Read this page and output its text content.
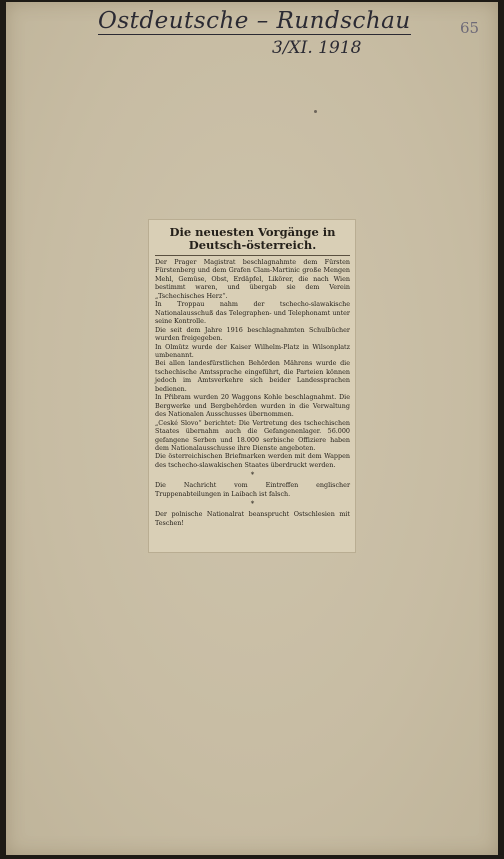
Ostdeutsche – Rundschau
3/XI. 1918
65
Die neuesten Vorgänge in Deutsch-österreich.

Der Prager Magistrat beschlagnahmte dem Fürsten Fürstenberg und dem Grafen Clam-Martinic große Mengen Mehl, Gemüse, Obst, Erdäpfel, Likörer, die nach Wien bestimmt waren, und übergab sie dem Verein „Tschechisches Herz“.

In Troppau nahm der tschecho-slawakische Nationalausschuß das Telegraphen- und Telephonamt unter seine Kontrolle.

Die seit dem Jahre 1916 beschlagnahmten Schulbücher wurden freigegeben.

In Olmütz wurde der Kaiser Wilhelm-Platz in Wilsonplatz umbenannt.

Bei allen landesfürstlichen Behörden Mährens wurde die tschechische Amtssprache eingeführt, die Parteien können jedoch im Amtsverkehre sich beider Landessprachen bedienen.

In Přibram wurden 20 Waggons Kohle beschlagnahmt. Die Bergwerke und Bergbehörden wurden in die Verwaltung des Nationalen Ausschusses übernommen.

„Ceské Slovo“ berichtet: Die Vertretung des tschechischen Staates übernahm auch die Gefangenenlager. 56.000 gefangene Serben und 18.000 serbische Offiziere haben dem Nationalausschusse ihre Dienste angeboten.

Die österreichischen Briefmarken werden mit dem Wappen des tschecho-slawakischen Staates überdruckt werden.

*

Die Nachricht vom Eintreffen englischer Truppenabteilungen in Laibach ist falsch.

*

Der polnische Nationalrat beansprucht Ostschlesien mit Teschen!
